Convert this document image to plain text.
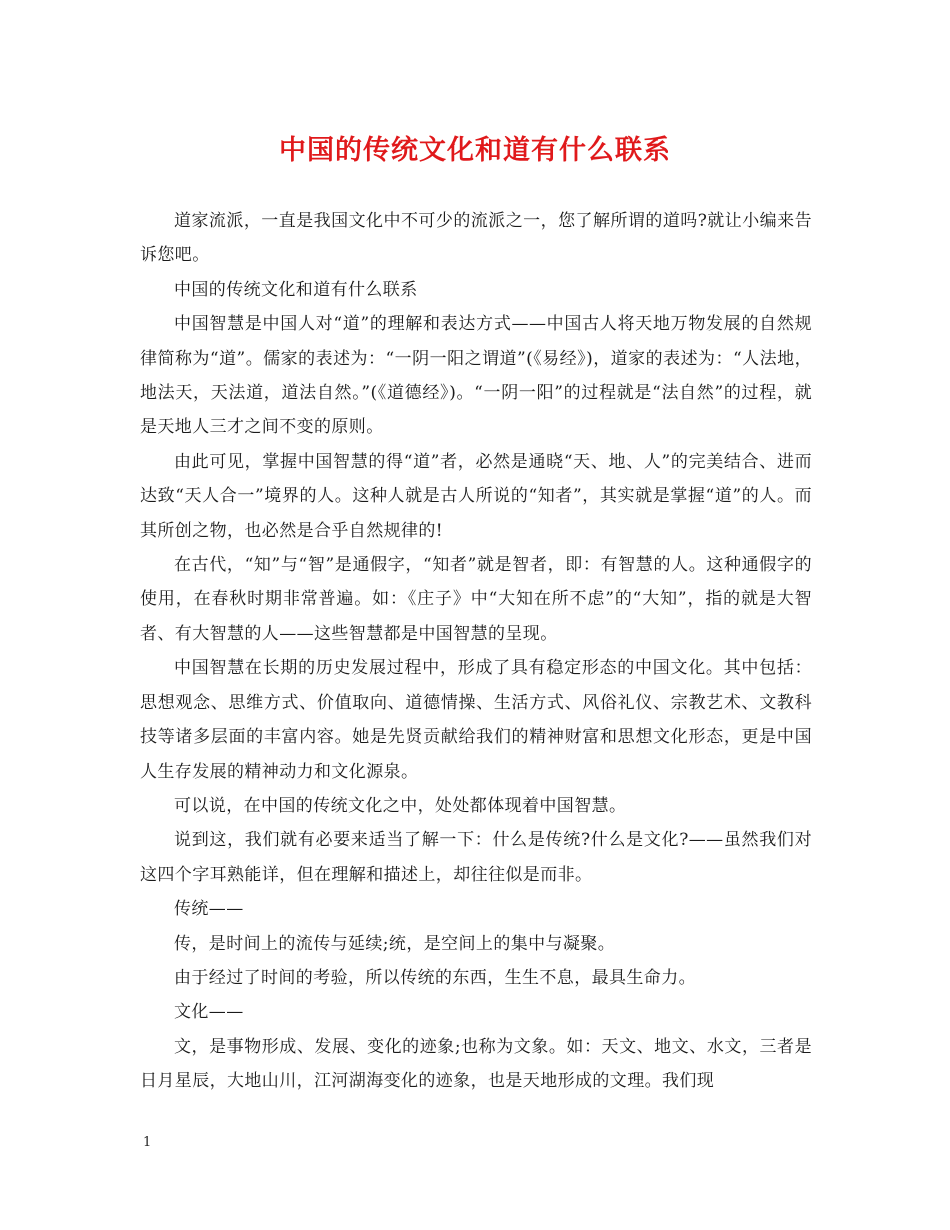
中国的传统文化和道有什么联系

道家流派，一直是我国文化中不可少的流派之一，您了解所谓的道吗?就让小编来告诉您吧。

中国的传统文化和道有什么联系

中国智慧是中国人对“道”的理解和表达方式——中国古人将天地万物发展的自然规律简称为“道”。儒家的表述为：“一阴一阳之谓道”(《易经》)，道家的表述为：“人法地，地法天，天法道，道法自然。”(《道德经》)。“一阴一阳”的过程就是“法自然”的过程，就是天地人三才之间不变的原则。

由此可见，掌握中国智慧的得“道”者，必然是通晓“天、地、人”的完美结合、进而达致“天人合一”境界的人。这种人就是古人所说的“知者”，其实就是掌握“道”的人。而其所创之物，也必然是合乎自然规律的!

在古代，“知”与“智”是通假字，“知者”就是智者，即：有智慧的人。这种通假字的使用，在春秋时期非常普遍。如：《庄子》中“大知在所不虑”的“大知”，指的就是大智者、有大智慧的人——这些智慧都是中国智慧的呈现。

中国智慧在长期的历史发展过程中，形成了具有稳定形态的中国文化。其中包括：思想观念、思维方式、价值取向、道德情操、生活方式、风俗礼仪、宗教艺术、文教科技等诸多层面的丰富内容。她是先贤贡献给我们的精神财富和思想文化形态，更是中国人生存发展的精神动力和文化源泉。

可以说，在中国的传统文化之中，处处都体现着中国智慧。

说到这，我们就有必要来适当了解一下：什么是传统?什么是文化?——虽然我们对这四个字耳熟能详，但在理解和描述上，却往往似是而非。

传统——

传，是时间上的流传与延续;统，是空间上的集中与凝聚。

由于经过了时间的考验，所以传统的东西，生生不息，最具生命力。

文化——

文，是事物形成、发展、变化的迹象;也称为文象。如：天文、地文、水文，三者是日月星辰，大地山川，江河湖海变化的迹象，也是天地形成的文理。我们现

1
